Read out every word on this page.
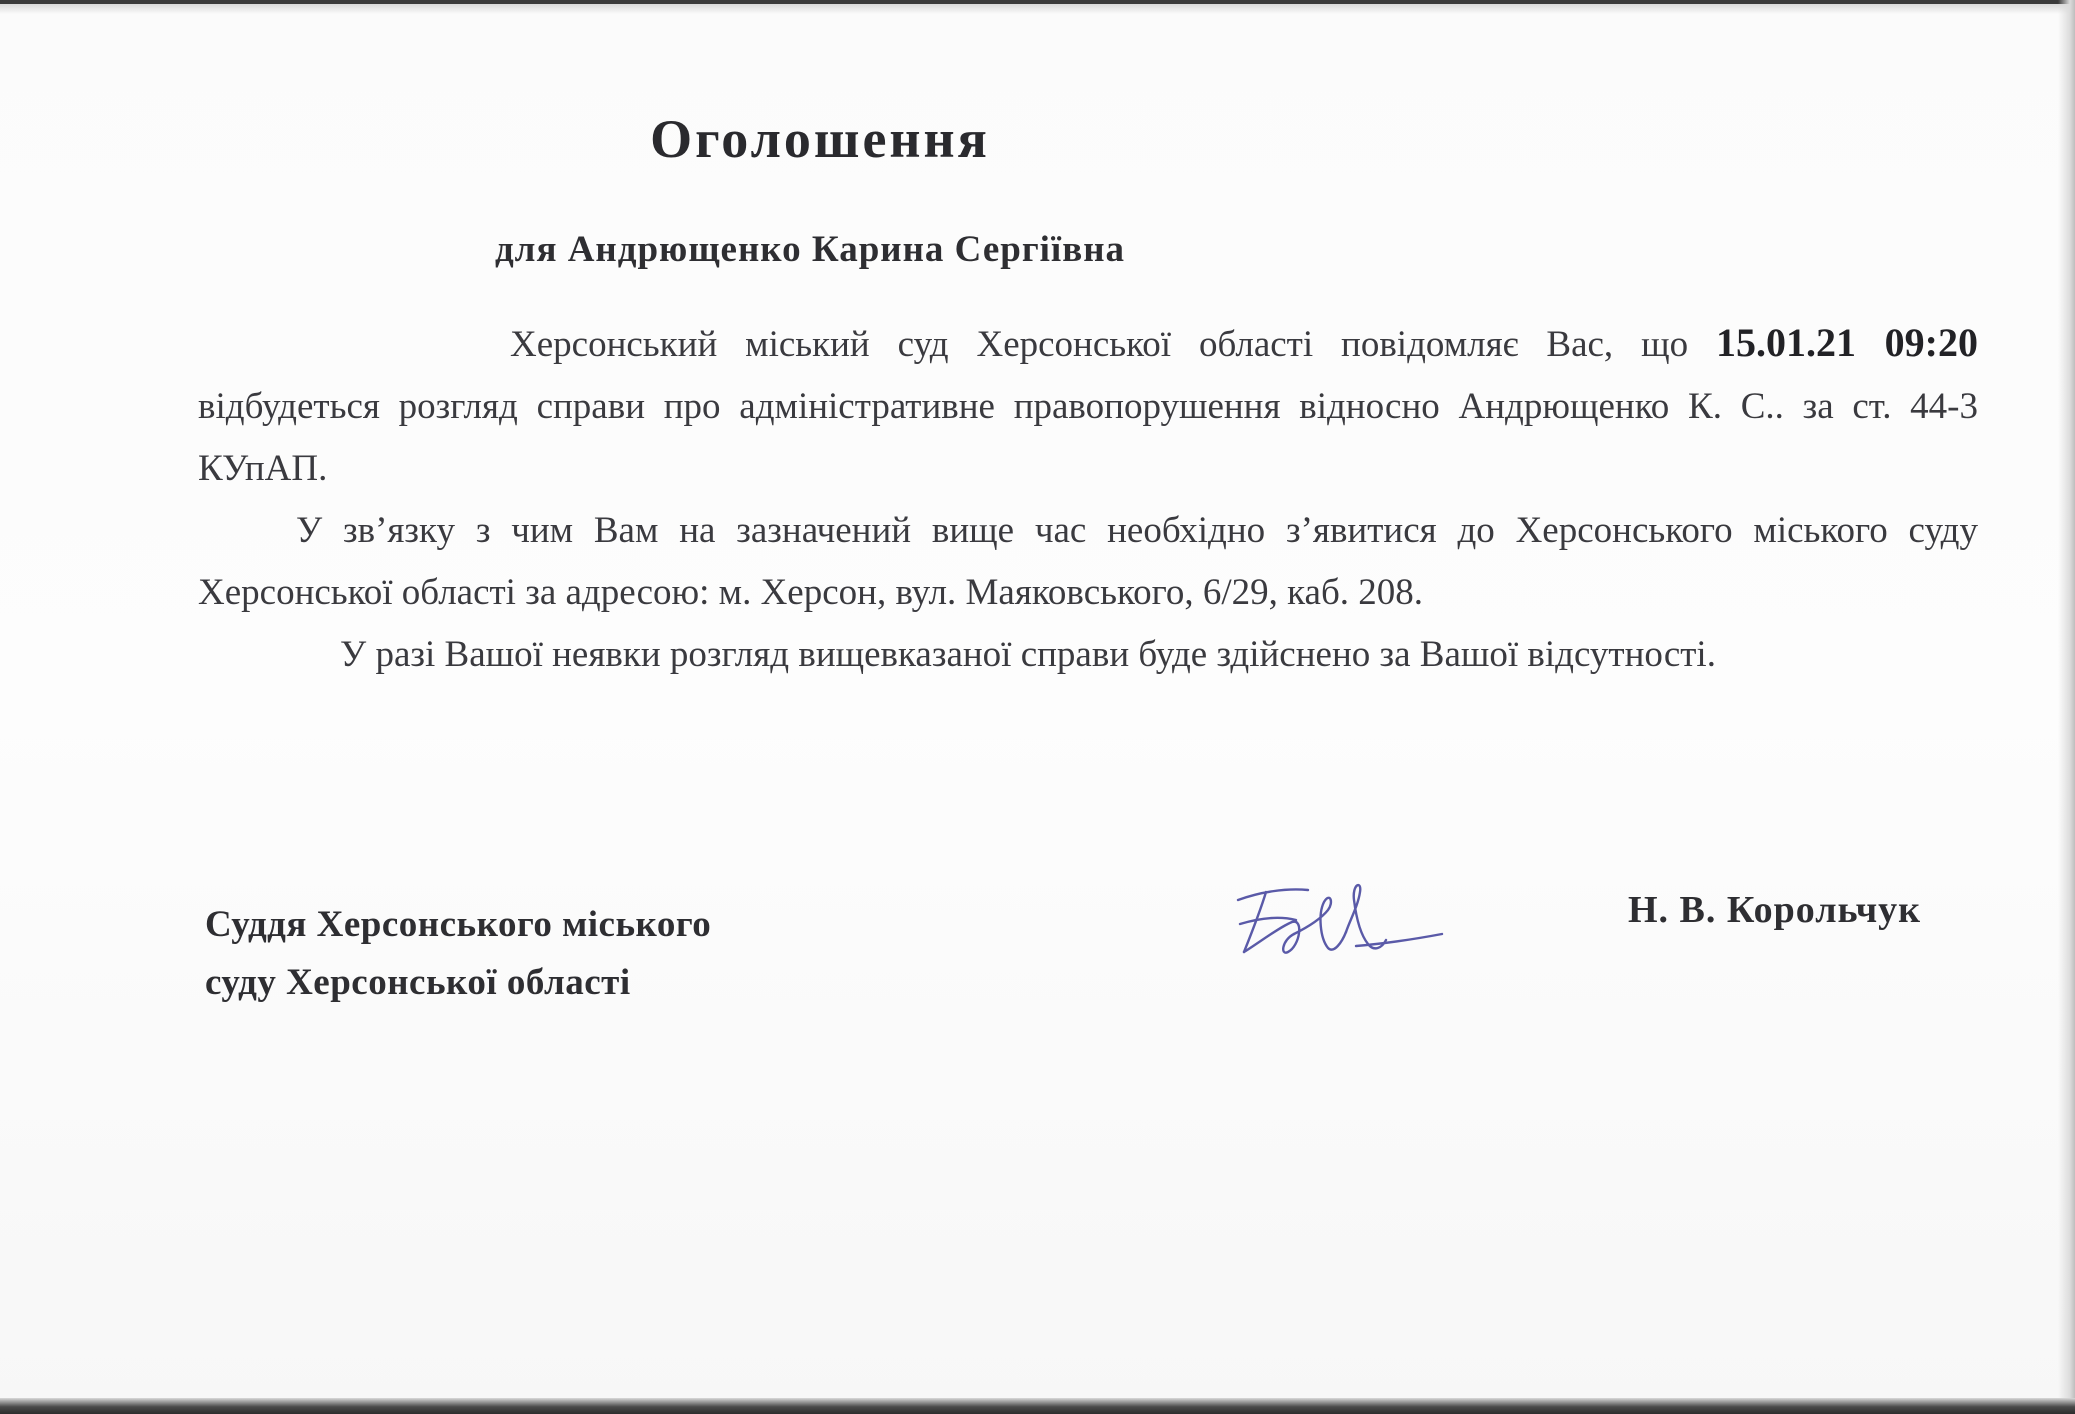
Оголошення
для Андрющенко Карина Сергіївна

Херсонський міський суд Херсонської області повідомляє Вас, що 15.01.21 09:20 відбудеться розгляд справи про адміністративне правопорушення відносно Андрющенко К. С.. за ст. 44-3 КУпАП.

У зв’язку з чим Вам на зазначений вище час необхідно з’явитися до Херсонського міського суду Херсонської області за адресою: м. Херсон, вул. Маяковського, 6/29, каб. 208.

У разі Вашої неявки розгляд вищевказаної справи буде здійснено за Вашої відсутності.

Суддя Херсонського міського
суду Херсонської області
Н. В. Корольчук
